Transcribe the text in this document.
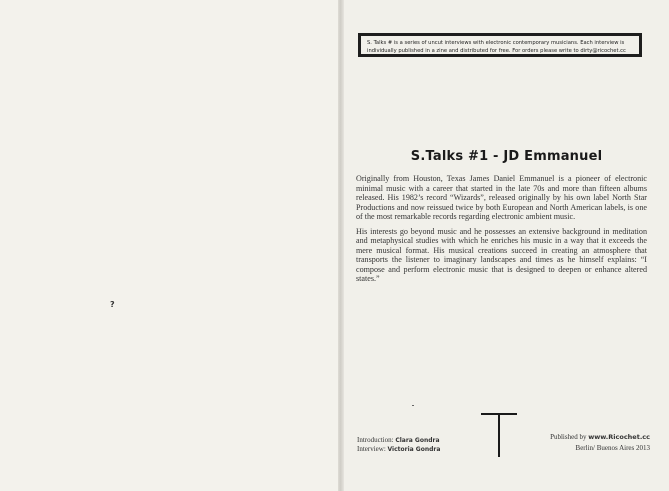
?
S. Talks # is a series of uncut interviews with electronic contemporary musicians. Each interview is individually published in a zine and distributed for free. For orders please write to dirty@ricochet.cc
S.Talks #1 - JD Emmanuel

Originally from Houston, Texas James Daniel Emmanuel is a pioneer of electronic minimal music with a career that started in the late 70s and more than fifteen albums released. His 1982’s record “Wizards”, released originally by his own label North Star Productions and now reissued twice by both European and North American labels, is one of the most remarkable records regarding electronic ambient music.

His interests go beyond music and he possesses an extensive background in meditation and metaphysical studies with which he enriches his music in a way that it exceeds the mere musical format. His musical creations succeed in creating an atmosphere that transports the listener to imaginary landscapes and times as he himself explains: “I compose and perform electronic music that is designed to deepen or enhance altered states.”

Introduction: Clara Gondra
Interview: Victoria Gondra
Published by www.Ricochet.cc
Berlin/ Buenos Aires 2013
